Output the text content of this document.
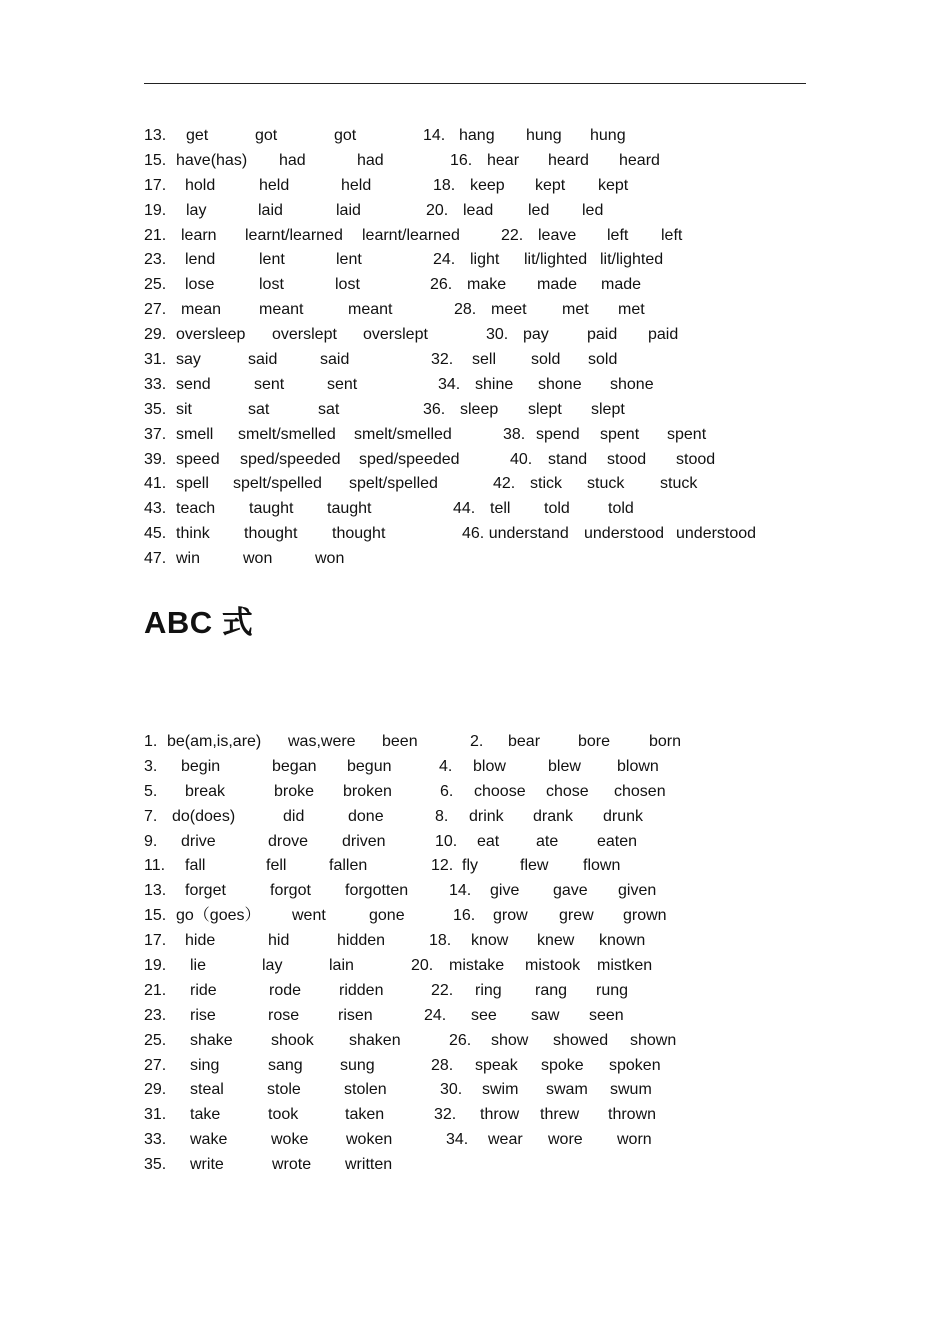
13. get	got	got	14. hang hung hung
15. have(has) had	had	16. hear heard heard
17. hold	held	held	18. keep kept kept
19. lay	laid	laid	20. lead led led
21. learn learnt/learned learnt/learned	22. leave left left
23. lend	lent	lent	24. light lit/lighted lit/lighted
25. lose	lost	lost	26. make made made
27. mean meant	meant	28. meet met met
29. oversleep overslept overslept	30. pay paid paid
31. say	said	said	32. sell sold sold
33. send	sent	sent	34. shine shone shone
35. sit	sat	sat	36. sleep slept slept
37. smell smelt/smelled smelt/smelled	38. spend spent spent
39. speed sped/speeded sped/speeded	40. stand stood stood
41. spell spelt/spelled spelt/spelled	42. stick stuck stuck
43. teach taught taught	44. tell told told
45. think thought thought	46. understand understood understood
47. win	won	won
ABC 式
1. be(am,is,are) was,were been	2. bear bore born
3. begin	began begun	4. blow	blew blown
5. break	broke broken	6. choose chose chosen
7. do(does)	did	done	8. drink drank drunk
9. drive	drove driven	10. eat ate eaten
11. fall	fell	fallen	12. fly	flew flown
13. forget	forgot forgotten	14. give gave given
15. go（goes） went	gone	16. grow grew grown
17. hide	hid	hidden	18. know knew known
19. lie	lay	lain	20. mistake mistook mistken
21. ride	rode ridden	22. ring rang rung
23. rise	rose risen	24. see saw seen
25. shake shook shaken	26. show showed shown
27. sing	sang sung	28. speak spoke spoken
29. steal	stole	stolen	30. swim swam swum
31. take	took	taken	32. throw threw thrown
33. wake	woke woken	34. wear wore worn
35. write	wrote written
